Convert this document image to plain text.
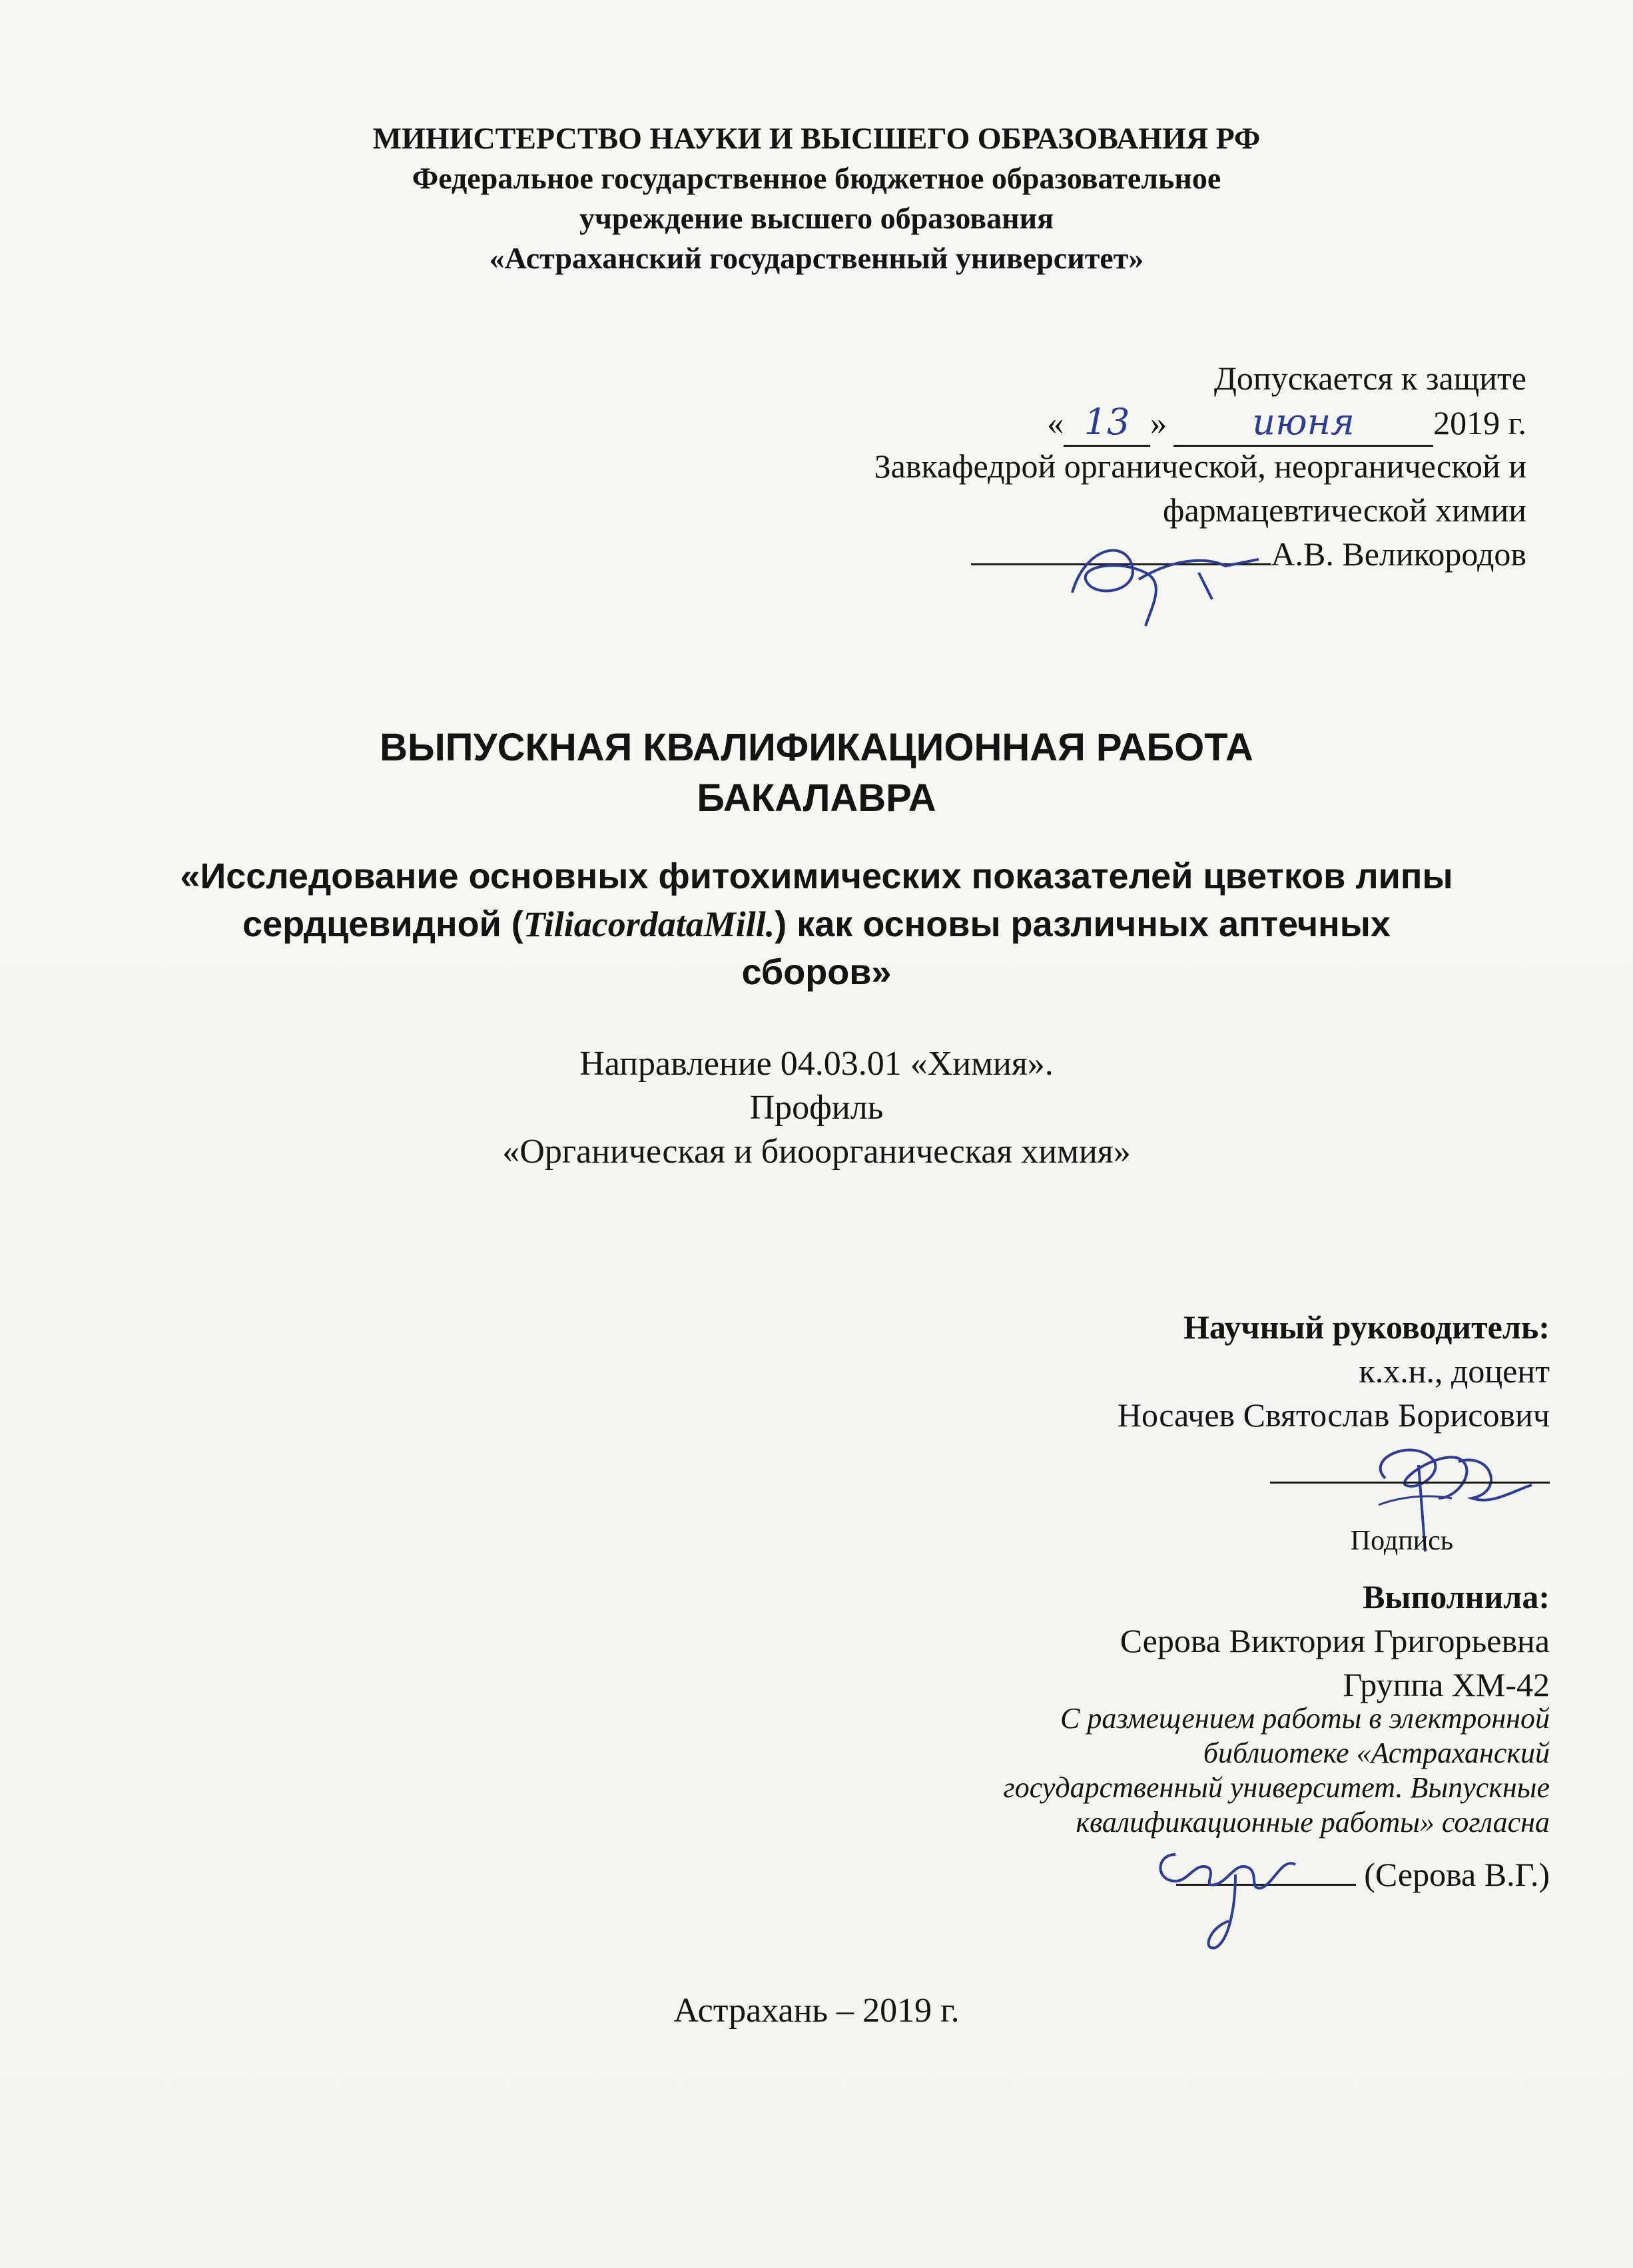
МИНИСТЕРСТВО НАУКИ И ВЫСШЕГО ОБРАЗОВАНИЯ РФ
Федеральное государственное бюджетное образовательное
учреждение высшего образования
«Астраханский государственный университет»
Допускается к защите
« 13 » июня 2019 г.
Завкафедрой органической, неорганической и
фармацевтической химии
А.В. Великородов
ВЫПУСКНАЯ КВАЛИФИКАЦИОННАЯ РАБОТА
БАКАЛАВРА
«Исследование основных фитохимических показателей цветков липы
сердцевидной (TiliacordataMill.) как основы различных аптечных
сборов»
Направление 04.03.01 «Химия».
Профиль
«Органическая и биоорганическая химия»
Научный руководитель:
к.х.н., доцент
Носачев Святослав Борисович
Подпись
Выполнила:
Серова Виктория Григорьевна
Группа ХМ-42
С размещением работы в электронной
библиотеке «Астраханский
государственный университет. Выпускные
квалификационные работы» согласна
(Серова В.Г.)
Астрахань – 2019 г.
